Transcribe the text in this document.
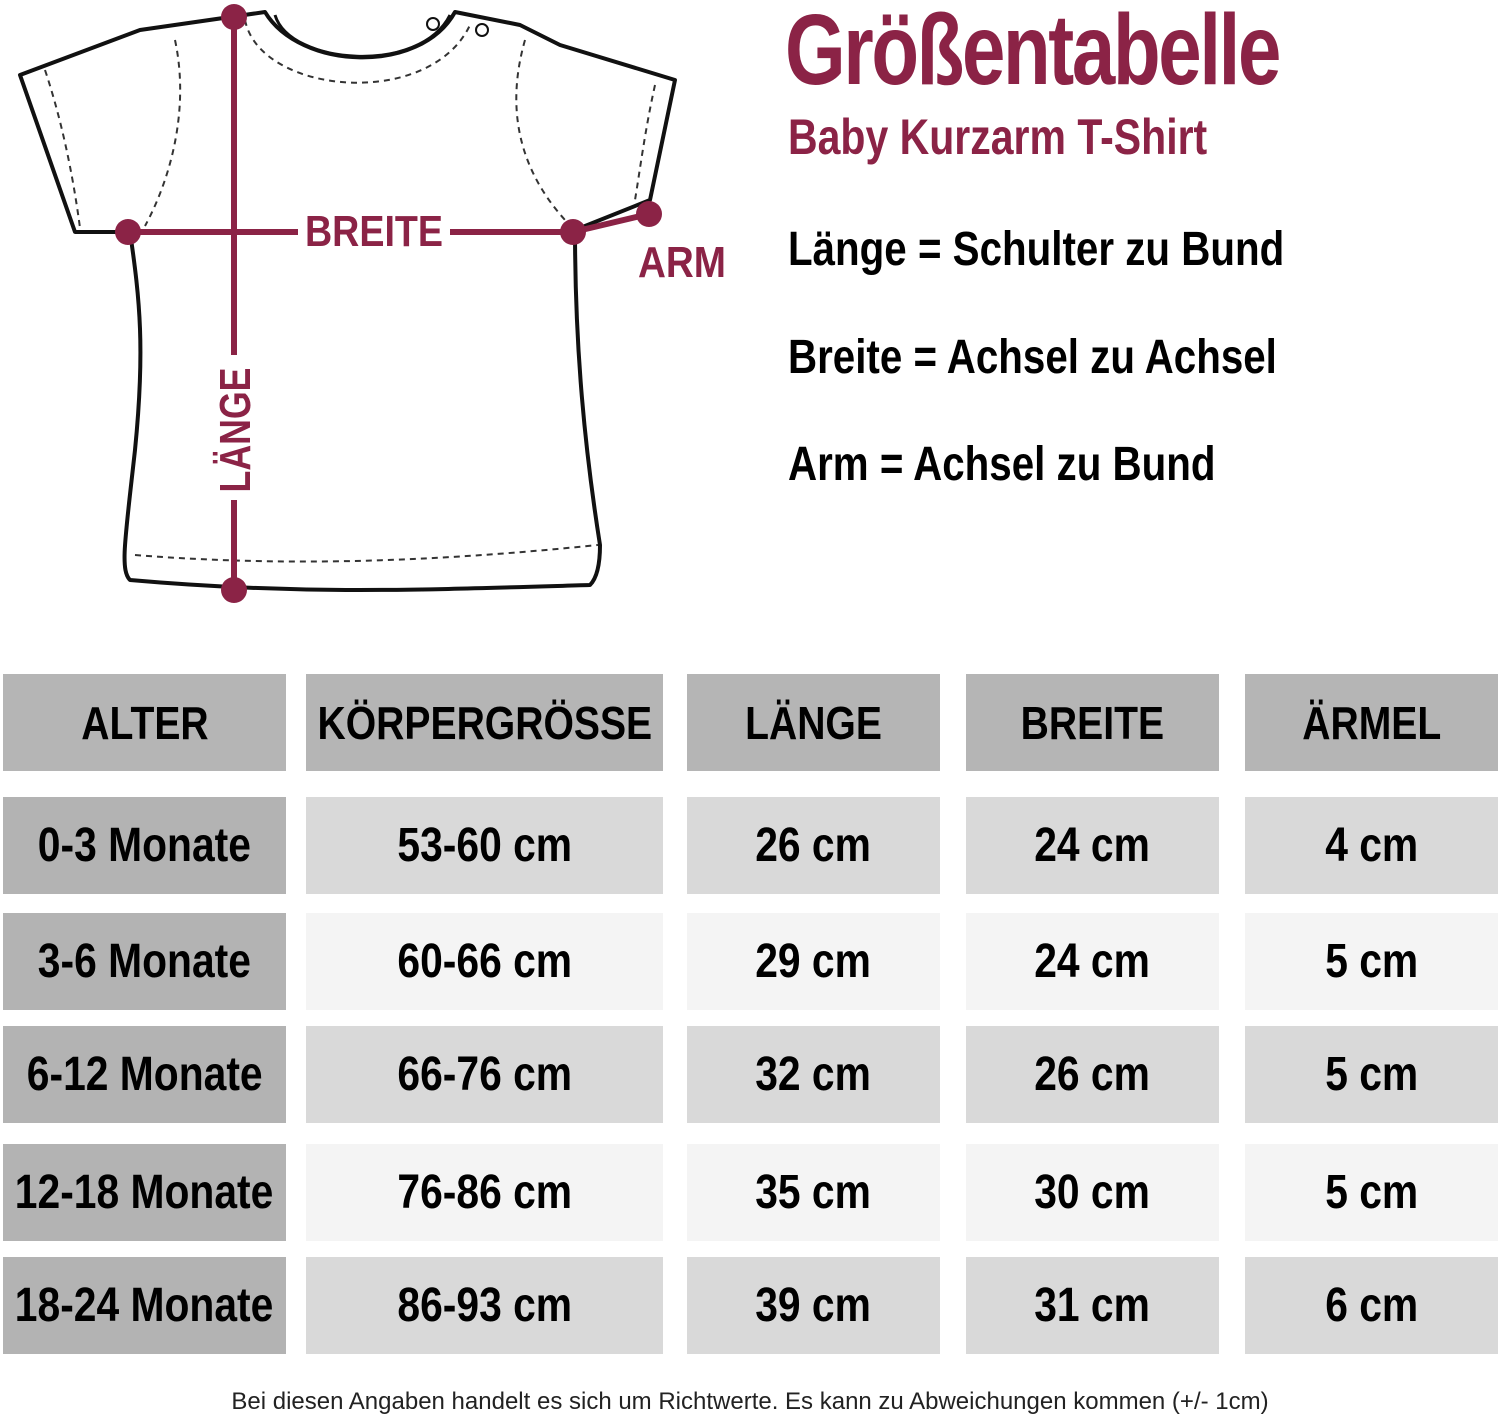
BREITE
ARM
LÄNGE
Größentabelle
Baby Kurzarm T-Shirt
Länge = Schulter zu Bund
Breite = Achsel zu Achsel
Arm = Achsel zu Bund
ALTER KÖRPERGRÖSSE LÄNGE	BREITE	ÄRMEL
0-3 Monate	53-60 cm	26 cm	24 cm	4 cm
3-6 Monate	60-66 cm	29 cm	24 cm	5 cm
6-12 Monate	66-76 cm	32 cm	26 cm	5 cm
12-18 Monate	76-86 cm	35 cm	30 cm	5 cm
18-24 Monate	86-93 cm	39 cm	31 cm	6 cm
Bei diesen Angaben handelt es sich um Richtwerte. Es kann zu Abweichungen kommen (+/- 1cm)
